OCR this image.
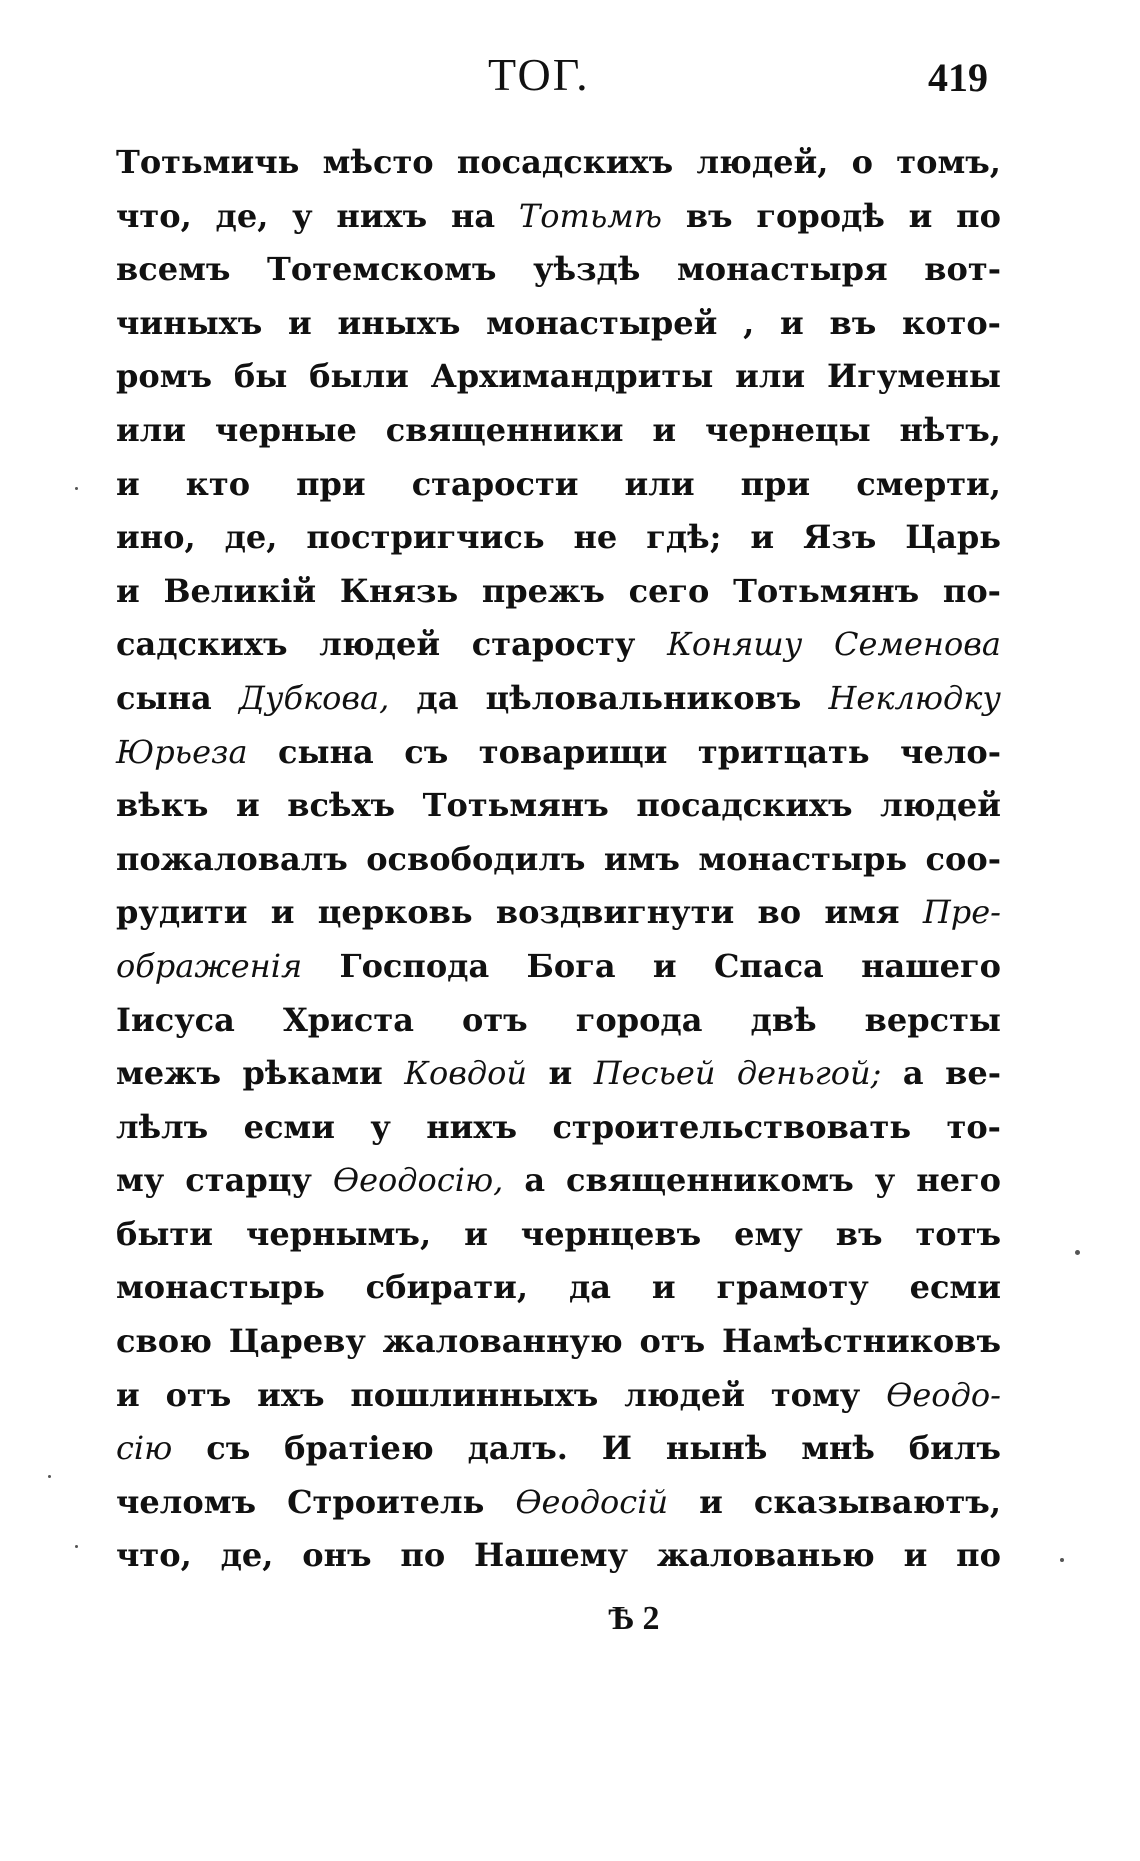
ТОГ.	419
Тотьмичь мѣсто посадскихъ людей, о томъ,
что, де, у нихъ на Тотьмѣ въ городѣ и по
всемъ Тотемскомъ уѣздѣ монастыря вот-
чиныхъ и иныхъ монастырей , и въ кото-
ромъ бы были Архимандриты или Игумены
или черные священники и чернецы нѣтъ,
и кто при старости или при смерти,
ино, де, постригчись не гдѣ; и Язъ Царь
и Великій Князь прежъ сего Тотьмянъ по-
садскихъ людей старосту Коняшу Семенова
сына Дубкова, да цѣловальниковъ Неклюдку
Юрьеза сына съ товарищи тритцать чело-
вѣкъ и всѣхъ Тотьмянъ посадскихъ людей
пожаловалъ освободилъ имъ монастырь соо-
рудити и церковь воздвигнути во имя Пре-
ображенія Господа Бога и Спаса нашего
Іисуса Христа отъ города двѣ версты
межъ рѣками Ковдой и Песьей деньгой; а ве-
лѣлъ есми у нихъ строительствовать то-
му старцу Ѳеодосію, а священникомъ у него
быти чернымъ, и чернцевъ ему въ тотъ
монастырь сбирати, да и грамоту есми
свою Цареву жалованную отъ Намѣстниковъ
и отъ ихъ пошлинныхъ людей тому Ѳеодо-
сію съ братіею далъ. И нынѣ мнѣ билъ
челомъ Строитель Ѳеодосій и сказываютъ,
что, де, онъ по Нашему жалованью и по
Ѣ 2
